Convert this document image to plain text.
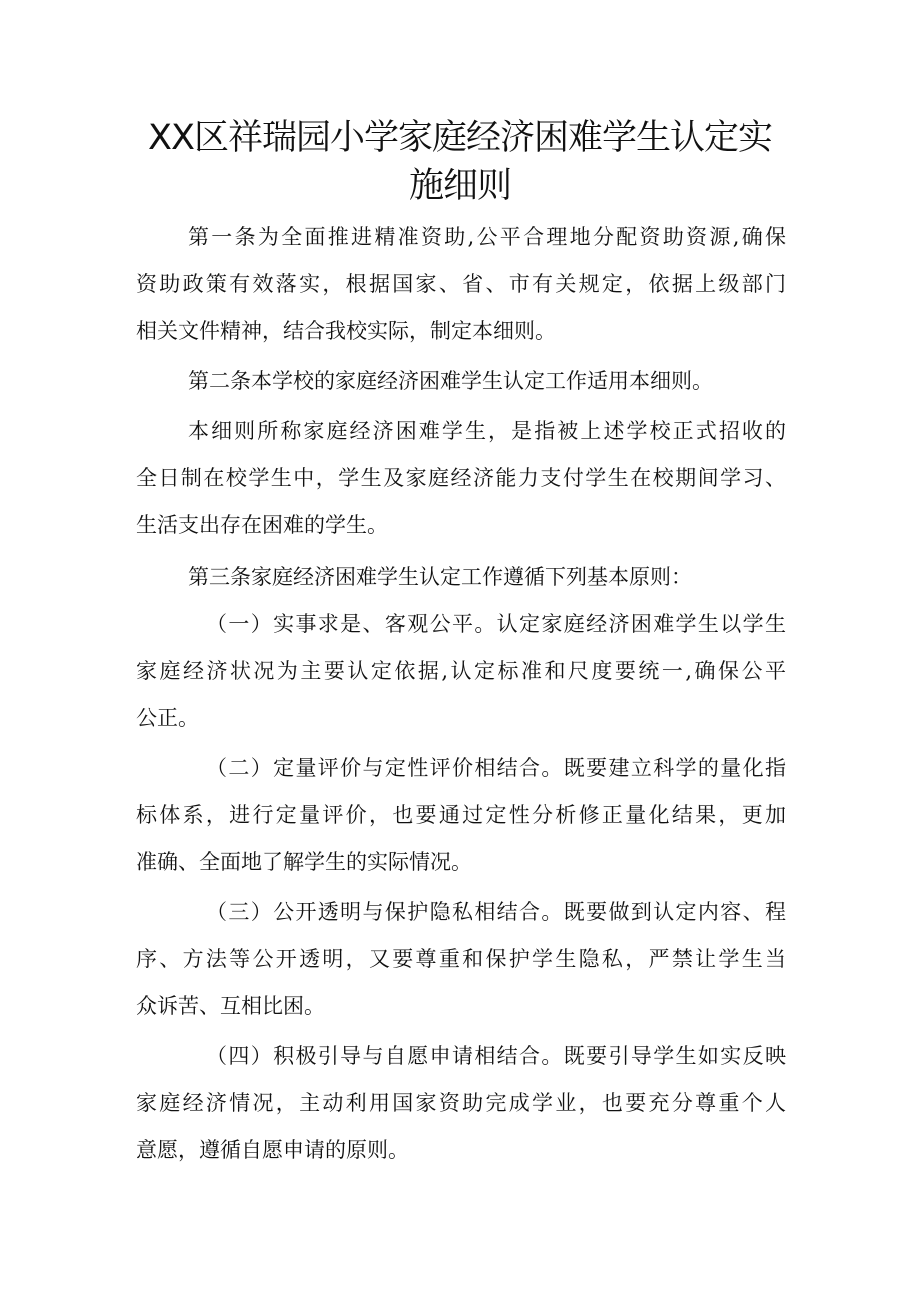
XX区祥瑞园小学家庭经济困难学生认定实
施细则

第一条为全面推进精准资助,公平合理地分配资助资源,确保

资助政策有效落实，根据国家、省、市有关规定，依据上级部门

相关文件精神，结合我校实际，制定本细则。

第二条本学校的家庭经济困难学生认定工作适用本细则。

本细则所称家庭经济困难学生，是指被上述学校正式招收的

全日制在校学生中，学生及家庭经济能力支付学生在校期间学习、

生活支出存在困难的学生。

第三条家庭经济困难学生认定工作遵循下列基本原则：

（一）实事求是、客观公平。认定家庭经济困难学生以学生

家庭经济状况为主要认定依据,认定标准和尺度要统一,确保公平

公正。

（二）定量评价与定性评价相结合。既要建立科学的量化指

标体系，进行定量评价，也要通过定性分析修正量化结果，更加

准确、全面地了解学生的实际情况。

（三）公开透明与保护隐私相结合。既要做到认定内容、程

序、方法等公开透明，又要尊重和保护学生隐私，严禁让学生当

众诉苦、互相比困。

（四）积极引导与自愿申请相结合。既要引导学生如实反映

家庭经济情况，主动利用国家资助完成学业，也要充分尊重个人

意愿，遵循自愿申请的原则。
